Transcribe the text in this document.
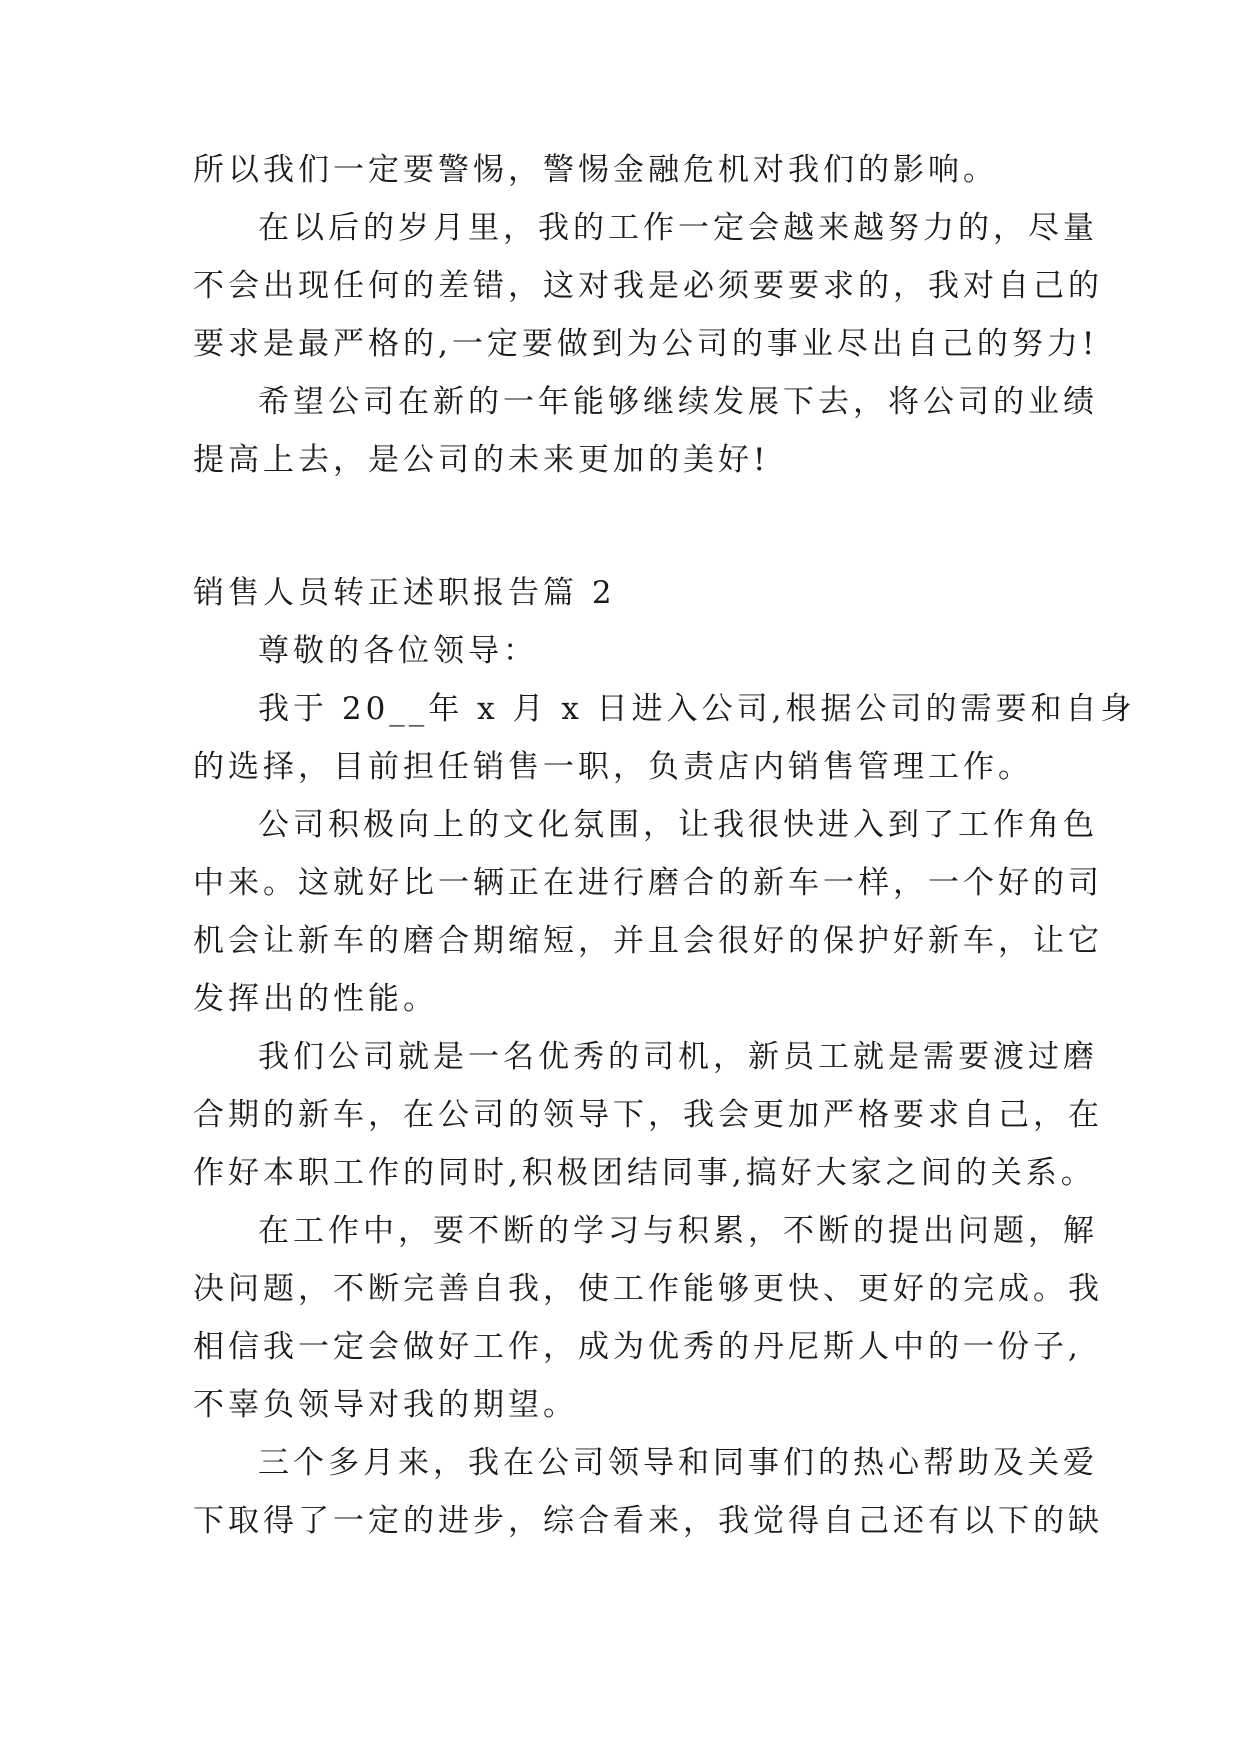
所以我们一定要警惕，警惕金融危机对我们的影响。
在以后的岁月里，我的工作一定会越来越努力的，尽量
不会出现任何的差错，这对我是必须要要求的，我对自己的
要求是最严格的,一定要做到为公司的事业尽出自己的努力!
希望公司在新的一年能够继续发展下去，将公司的业绩
提高上去，是公司的未来更加的美好!
销售人员转正述职报告篇 2
尊敬的各位领导：
我于 20__年 x 月 x 日进入公司,根据公司的需要和自身
的选择，目前担任销售一职，负责店内销售管理工作。
公司积极向上的文化氛围，让我很快进入到了工作角色
中来。这就好比一辆正在进行磨合的新车一样，一个好的司
机会让新车的磨合期缩短，并且会很好的保护好新车，让它
发挥出的性能。
我们公司就是一名优秀的司机，新员工就是需要渡过磨
合期的新车，在公司的领导下，我会更加严格要求自己，在
作好本职工作的同时,积极团结同事,搞好大家之间的关系。
在工作中，要不断的学习与积累，不断的提出问题，解
决问题，不断完善自我，使工作能够更快、更好的完成。我
相信我一定会做好工作，成为优秀的丹尼斯人中的一份子,
不辜负领导对我的期望。
三个多月来，我在公司领导和同事们的热心帮助及关爱
下取得了一定的进步，综合看来，我觉得自己还有以下的缺
